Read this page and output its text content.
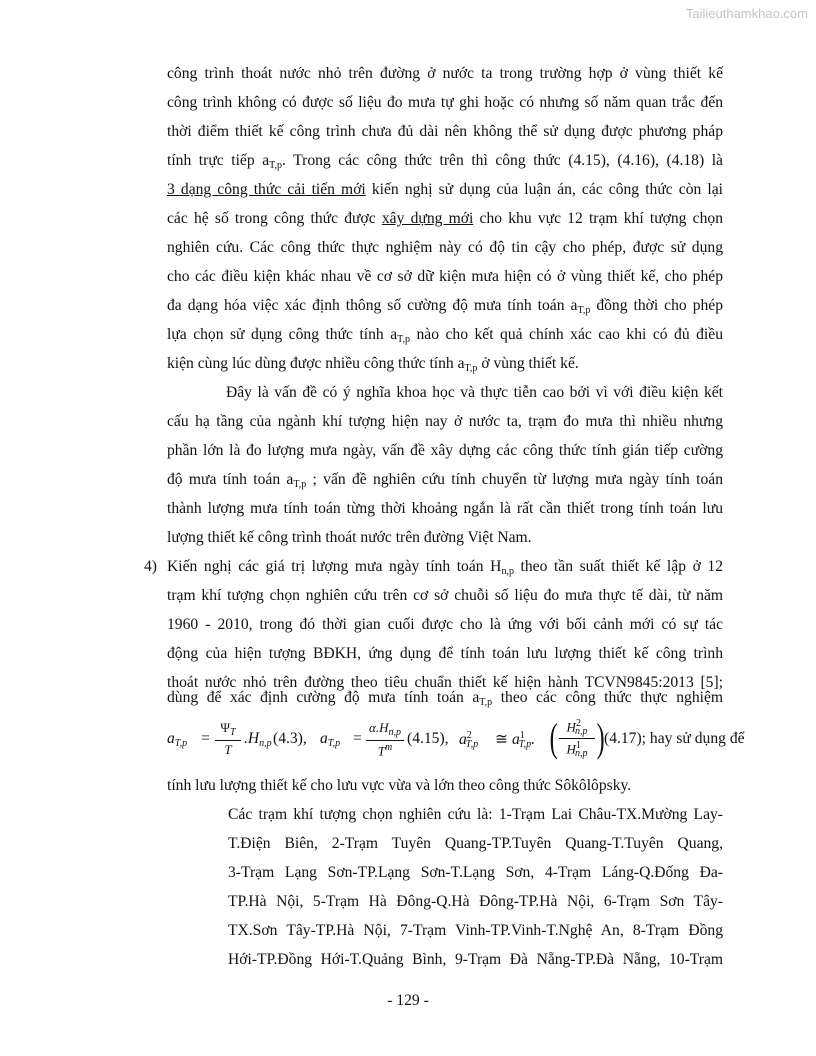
Tailieuthamkhao.com
công trình thoát nước nhỏ trên đường ở nước ta trong trường hợp ở vùng thiết kế
công trình không có được số liệu đo mưa tự ghi hoặc có nhưng số năm quan trắc đến
thời điểm thiết kế công trình chưa đủ dài nên không thể sử dụng được phương pháp
tính trực tiếp $a_{T,p}$. Trong các công thức trên thì công thức (4.15), (4.16), (4.18) là
3 dạng công thức cải tiến mới kiến nghị sử dụng của luận án, các công thức còn lại
các hệ số trong công thức được xây dựng mới cho khu vực 12 trạm khí tượng chọn
nghiên cứu. Các công thức thực nghiệm này có độ tin cậy cho phép, được sử dụng
cho các điều kiện khác nhau về cơ sở dữ kiện mưa hiện có ở vùng thiết kế, cho phép
đa dạng hóa việc xác định thông số cường độ mưa tính toán $a_{T,p}$ đồng thời cho phép
lựa chọn sử dụng công thức tính $a_{T,p}$ nào cho kết quả chính xác cao khi có đủ điều
kiện cùng lúc dùng được nhiều công thức tính $a_{T,p}$ ở vùng thiết kế.
Đây là vấn đề có ý nghĩa khoa học và thực tiễn cao bởi vì với điều kiện kết
cấu hạ tầng của ngành khí tượng hiện nay ở nước ta, trạm đo mưa thì nhiều nhưng
phần lớn là đo lượng mưa ngày, vấn đề xây dựng các công thức tính gián tiếp cường
độ mưa tính toán $a_{T,p}$ ; vấn đề nghiên cứu tính chuyển từ lượng mưa ngày tính toán
thành lượng mưa tính toán từng thời khoảng ngắn là rất cần thiết trong tính toán lưu
lượng thiết kế công trình thoát nước trên đường Việt Nam.
4) Kiến nghị các giá trị lượng mưa ngày tính toán $H_{n,p}$ theo tần suất thiết kế lập ở 12
trạm khí tượng chọn nghiên cứu trên cơ sở chuỗi số liệu đo mưa thực tế dài, từ năm
1960 - 2010, trong đó thời gian cuối được cho là ứng với bối cảnh mới có sự tác
động của hiện tượng BĐKH, ứng dụng để tính toán lưu lượng thiết kế công trình
thoát nước nhỏ trên đường theo tiêu chuẩn thiết kế hiện hành TCVN9845:2013 [5];
dùng để xác định cường độ mưa tính toán $a_{T,p}$ theo các công thức thực nghiệm
$a_{T,p}$ =
$\Psi_T$
T
$.H_{n,p}$ (4.3), $a_{T,p}$ =
$\alpha.H_{n,p}$
$T^m$
(4.15), $a^2_{T,p}$ ≅ $a^1_{T,p}$. ( $H^2_{n,p}$
$H^1_{n,p}$ ) (4.17); hay sử dụng để
tính lưu lượng thiết kế cho lưu vực vừa và lớn theo công thức Sôkôlôpsky.
Các trạm khí tượng chọn nghiên cứu là: 1-Trạm Lai Châu-TX.Mường Lay-
T.Điện Biên, 2-Trạm Tuyên Quang-TP.Tuyên Quang-T.Tuyên Quang,
3-Trạm Lạng Sơn-TP.Lạng Sơn-T.Lạng Sơn, 4-Trạm Láng-Q.Đống Đa-
TP.Hà Nội, 5-Trạm Hà Đông-Q.Hà Đông-TP.Hà Nội, 6-Trạm Sơn Tây-
TX.Sơn Tây-TP.Hà Nội, 7-Trạm Vinh-TP.Vinh-T.Nghệ An, 8-Trạm Đồng
Hới-TP.Đồng Hới-T.Quảng Bình, 9-Trạm Đà Nẵng-TP.Đà Nẵng, 10-Trạm
- 129 -
